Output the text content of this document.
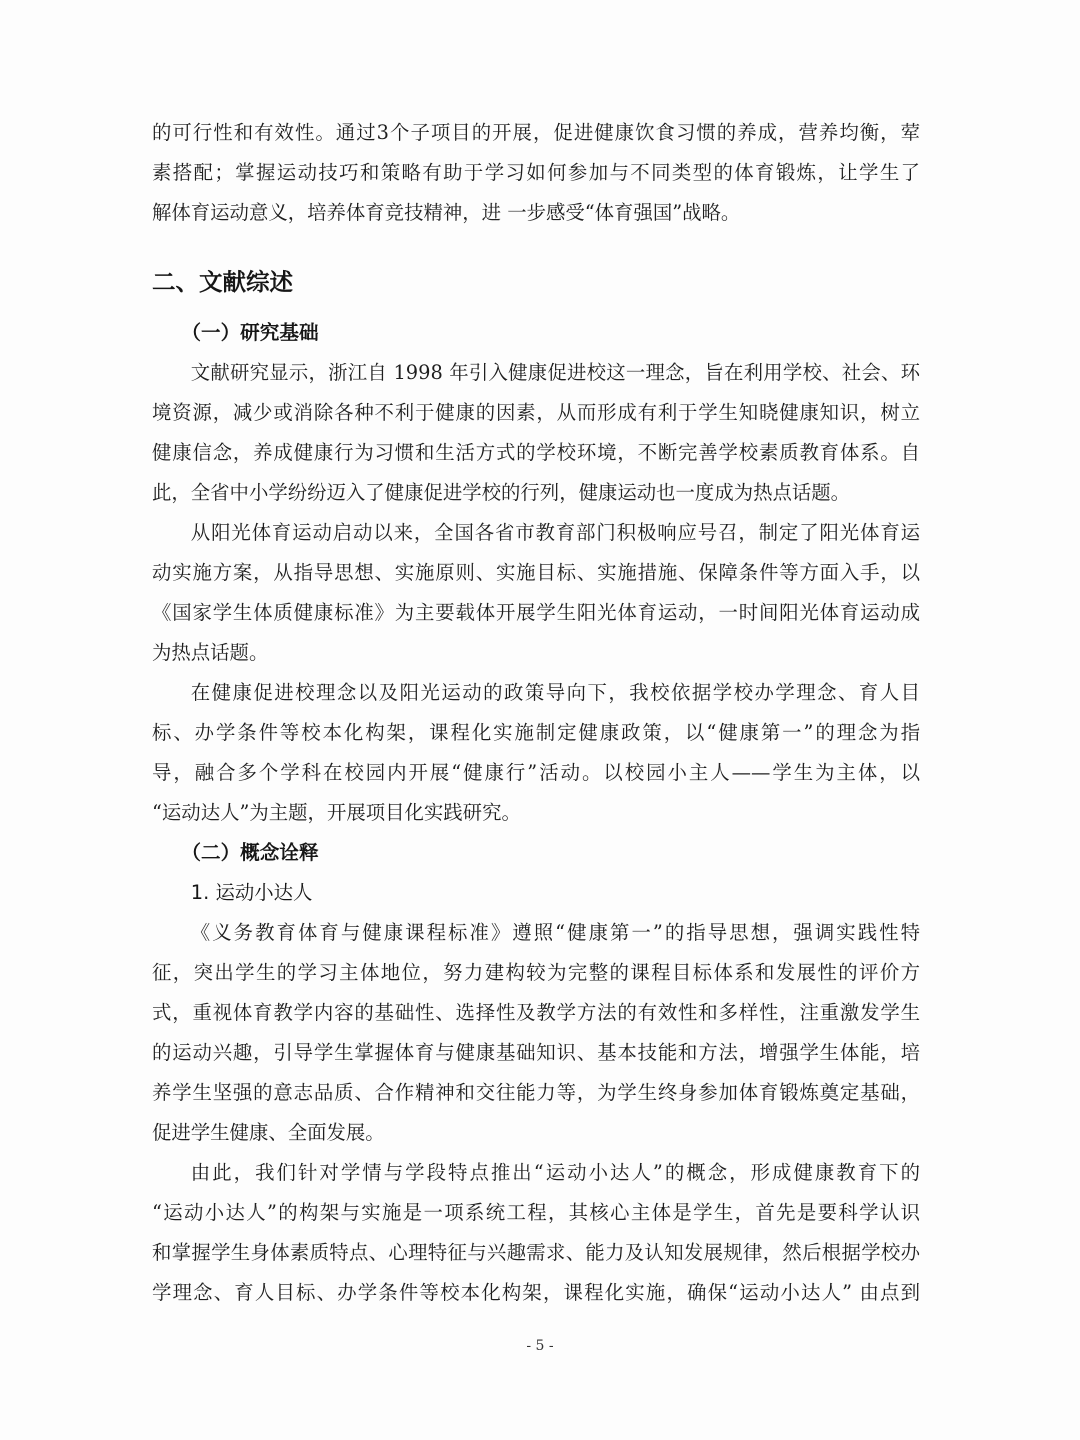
的可行性和有效性。通过3个子项目的开展，促进健康饮食习惯的养成，营养均衡，荤
素搭配；掌握运动技巧和策略有助于学习如何参加与不同类型的体育锻炼，让学生了
解体育运动意义，培养体育竞技精神，进 一步感受“体育强国”战略。
二、文献综述
（一）研究基础
文献研究显示，浙江自 1998 年引入健康促进校这一理念，旨在利用学校、社会、环
境资源，减少或消除各种不利于健康的因素，从而形成有利于学生知晓健康知识，树立
健康信念，养成健康行为习惯和生活方式的学校环境，不断完善学校素质教育体系。自
此，全省中小学纷纷迈入了健康促进学校的行列，健康运动也一度成为热点话题。
从阳光体育运动启动以来，全国各省市教育部门积极响应号召，制定了阳光体育运
动实施方案，从指导思想、实施原则、实施目标、实施措施、保障条件等方面入手，以
《国家学生体质健康标准》为主要载体开展学生阳光体育运动，一时间阳光体育运动成
为热点话题。
在健康促进校理念以及阳光运动的政策导向下，我校依据学校办学理念、育人目
标、办学条件等校本化构架，课程化实施制定健康政策，以“健康第一”的理念为指
导，融合多个学科在校园内开展“健康行”活动。以校园小主人——学生为主体，以
“运动达人”为主题，开展项目化实践研究。
（二）概念诠释
1. 运动小达人
《义务教育体育与健康课程标准》遵照“健康第一”的指导思想，强调实践性特
征，突出学生的学习主体地位，努力建构较为完整的课程目标体系和发展性的评价方
式，重视体育教学内容的基础性、选择性及教学方法的有效性和多样性，注重激发学生
的运动兴趣，引导学生掌握体育与健康基础知识、基本技能和方法，增强学生体能，培
养学生坚强的意志品质、合作精神和交往能力等，为学生终身参加体育锻炼奠定基础，
促进学生健康、全面发展。
由此，我们针对学情与学段特点推出“运动小达人”的概念，形成健康教育下的
“运动小达人”的构架与实施是一项系统工程，其核心主体是学生，首先是要科学认识
和掌握学生身体素质特点、心理特征与兴趣需求、能力及认知发展规律，然后根据学校办
学理念、育人目标、办学条件等校本化构架，课程化实施，确保“运动小达人” 由点到
- 5 -
